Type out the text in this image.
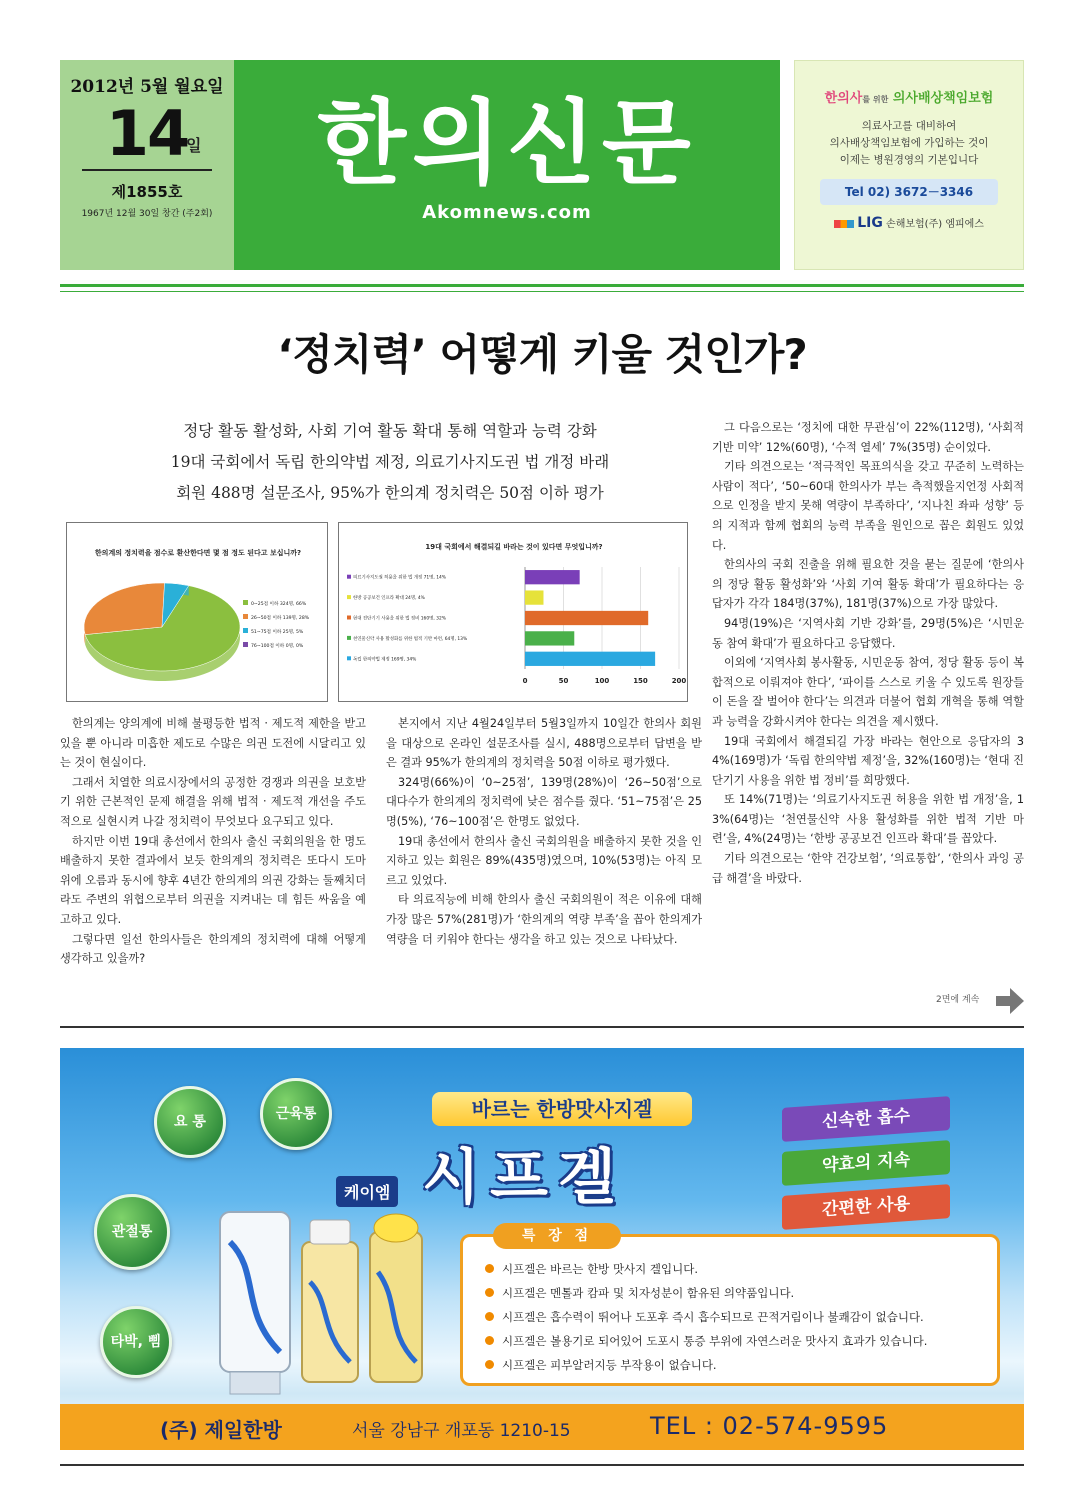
2012년 5월 월요일
14
일
제1855호
1967년 12월 30일 창간 (주2회)
한의신문
Akomnews.com
한의사를 위한 의사배상책임보험
의료사고를 대비하여
의사배상책임보험에 가입하는 것이
이제는 병원경영의 기본입니다
Tel 02) 3672－3346
LIG 손해보험(주) 엠피에스
‘정치력’ 어떻게 키울 것인가?
정당 활동 활성화, 사회 기여 활동 확대 통해 역할과 능력 강화
19대 국회에서 독립 한의약법 제정, 의료기사지도권 법 개정 바래
회원 488명 설문조사, 95%가 한의계 정치력은 50점 이하 평가
한의계의 정치력을 점수로 환산한다면 몇 점 정도 된다고 보십니까?
0~25점 이하 324명, 66%
26~50점 이하 139명, 28%
51~75점 이하 25명, 5%
76~100점 이하 0명, 0%
19대 국회에서 해결되길 바라는 것이 있다면 무엇입니까?
0	50	100	150	200
의료기사지도권 허용을 위한 법 개정 71명, 14%
한방 공공보건 인프라 확대 24명, 4%
현대 진단기기 사용을 위한 법 정비 160명, 32%
천연물신약 사용 활성화를 위한 법적 기반 마련, 64명, 13%
독립 한의약법 제정 169명, 34%

그 다음으로는 ‘정치에 대한 무관심’이 22%(112명), ‘사회적 기반 미약’ 12%(60명), ‘수적 열세’ 7%(35명) 순이었다.

기타 의견으로는 ‘적극적인 목표의식을 갖고 꾸준히 노력하는 사람이 적다’, ‘50~60대 한의사가 부는 측적했을지언정 사회적으로 인정을 받지 못해 역량이 부족하다’, ‘지나친 좌파 성향’ 등의 지적과 함께 협회의 능력 부족을 원인으로 꼽은 회원도 있었다.

한의사의 국회 진출을 위해 필요한 것을 묻는 질문에 ‘한의사의 정당 활동 활성화’와 ‘사회 기여 활동 확대’가 필요하다는 응답자가 각각 184명(37%), 181명(37%)으로 가장 많았다.

94명(19%)은 ‘지역사회 기반 강화’를, 29명(5%)은 ‘시민운동 참여 확대’가 필요하다고 응답했다.

이외에 ‘지역사회 봉사활동, 시민운동 참여, 정당 활동 등이 복합적으로 이뤄져야 한다’, ‘파이를 스스로 키울 수 있도록 원장들이 돈을 잘 벌어야 한다’는 의견과 더불어 협회 개혁을 통해 역할과 능력을 강화시켜야 한다는 의견을 제시했다.

19대 국회에서 해결되길 가장 바라는 현안으로 응답자의 34%(169명)가 ‘독립 한의약법 제정’을, 32%(160명)는 ‘현대 진단기기 사용을 위한 법 정비’를 희망했다.

또 14%(71명)는 ‘의료기사지도권 허용을 위한 법 개정’을, 13%(64명)는 ‘천연물신약 사용 활성화를 위한 법적 기반 마련’을, 4%(24명)는 ‘한방 공공보건 인프라 확대’를 꼽았다.

기타 의견으로는 ‘한약 건강보험’, ‘의료통합’, ‘한의사 과잉 공급 해결’을 바랐다.

한의계는 양의계에 비해 불평등한 법적 · 제도적 제한을 받고 있을 뿐 아니라 미흡한 제도로 수많은 의권 도전에 시달리고 있는 것이 현실이다.

그래서 치열한 의료시장에서의 공정한 경쟁과 의권을 보호받기 위한 근본적인 문제 해결을 위해 법적 · 제도적 개선을 주도적으로 실현시켜 나갈 정치력이 무엇보다 요구되고 있다.

하지만 이번 19대 총선에서 한의사 출신 국회의원을 한 명도 배출하지 못한 결과에서 보듯 한의계의 정치력은 또다시 도마 위에 오름과 동시에 향후 4년간 한의계의 의권 강화는 둘째치더라도 주변의 위협으로부터 의권을 지켜내는 데 힘든 싸움을 예고하고 있다.

그렇다면 일선 한의사들은 한의계의 정치력에 대해 어떻게 생각하고 있을까?

본지에서 지난 4월24일부터 5월3일까지 10일간 한의사 회원을 대상으로 온라인 설문조사를 실시, 488명으로부터 답변을 받은 결과 95%가 한의계의 정치력을 50점 이하로 평가했다.

324명(66%)이 ‘0~25점’, 139명(28%)이 ‘26~50점’으로 대다수가 한의계의 정치력에 낮은 점수를 줬다. ‘51~75점’은 25명(5%), ‘76~100점’은 한명도 없었다.

19대 총선에서 한의사 출신 국회의원을 배출하지 못한 것을 인지하고 있는 회원은 89%(435명)였으며, 10%(53명)는 아직 모르고 있었다.

타 의료직능에 비해 한의사 출신 국회의원이 적은 이유에 대해 가장 많은 57%(281명)가 ‘한의계의 역량 부족’을 꼽아 한의계가 역량을 더 키워야 한다는 생각을 하고 있는 것으로 나타났다.

2면에 계속
요 통	근육통
관절통
타박, 삠
바르는 한방맛사지겔
케이엠 시프겔
신속한 흡수
약효의 지속
간편한 사용
특 장 점
시프겔은 바르는 한방 맛사지 겔입니다.
시프겔은 멘톨과 캄파 및 치자성분이 함유된 의약품입니다.
시프겔은 흡수력이 뛰어나 도포후 즉시 흡수되므로 끈적거림이나 불쾌감이 없습니다.
시프겔은 볼용기로 되어있어 도포시 통증 부위에 자연스러운 맛사지 효과가 있습니다.
시프겔은 피부알러지등 부작용이 없습니다.
(주) 제일한방	서울 강남구 개포동 1210-15	TEL : 02-574-9595
